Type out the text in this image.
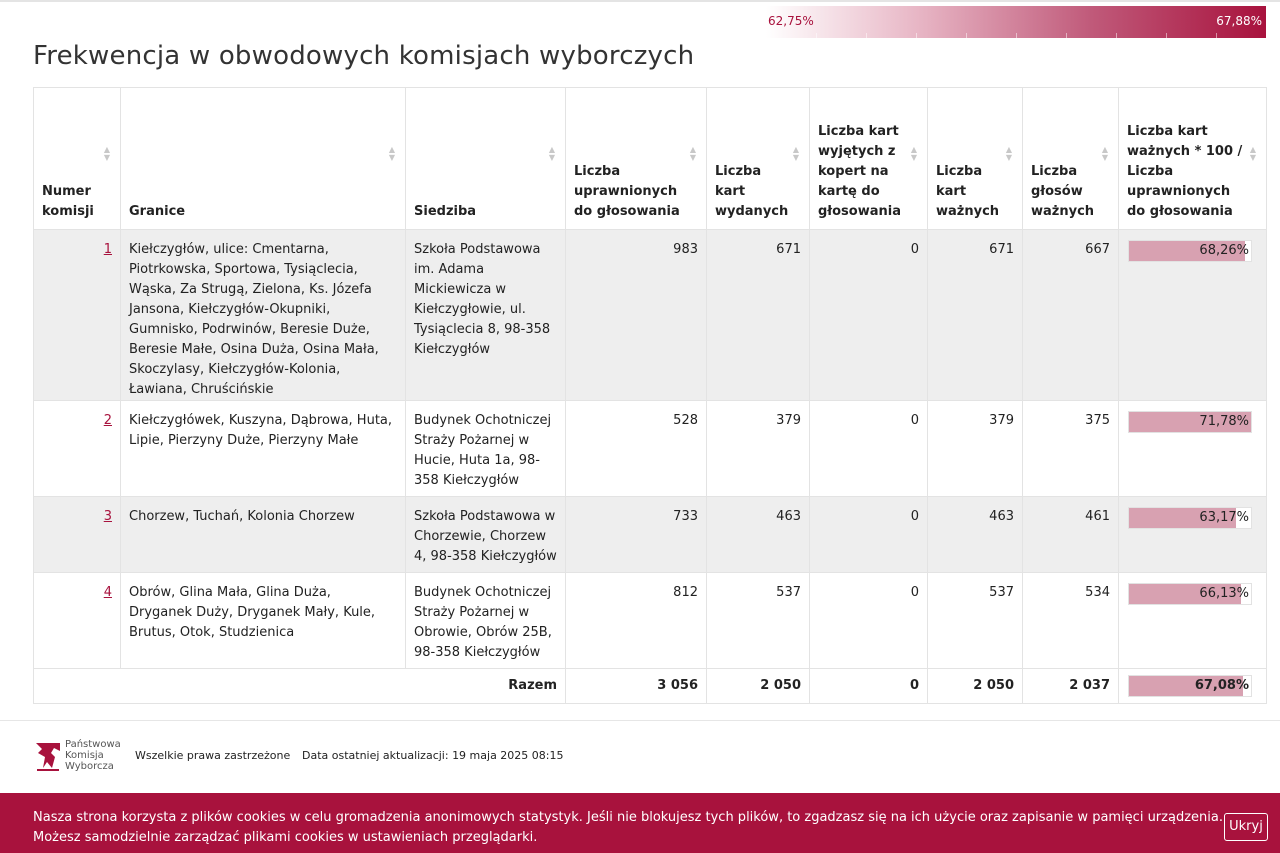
62,75%	67,88%
Frekwencja w obwodowych komisjach wyborczych
Numer komisji
▲
▼	Granice
▲
▼	Siedziba
▲
▼	Liczba uprawnionych do głosowania
▲
▼	Liczba kart wydanych
▲
▼	Liczba kart wyjętych z kopert na kartę do głosowania
▲
▼	Liczba kart ważnych
▲
▼	Liczba głosów ważnych
▲
▼	Liczba kart ważnych * 100 / Liczba uprawnionych do głosowania
▲
▼

1	Kiełczygłów, ulice: Cmentarna, Piotrkowska, Sportowa, Tysiąclecia, Wąska, Za Strugą, Zielona, Ks. Józefa Jansona, Kiełczygłów-Okupniki, Gumnisko, Podrwinów, Beresie Duże, Beresie Małe, Osina Duża, Osina Mała, Skoczylasy, Kiełczygłów-Kolonia, Ławiana, Chruścińskie	Szkoła Podstawowa im. Adama Mickiewicza w Kiełczygłowie, ul. Tysiąclecia 8, 98-358 Kiełczygłów	983	671	0	671	667	68,26%

2	Kiełczygłówek, Kuszyna, Dąbrowa, Huta, Lipie, Pierzyny Duże, Pierzyny Małe	Budynek Ochotniczej Straży Pożarnej w Hucie, Huta 1a, 98-358 Kiełczygłów	528	379	0	379	375	71,78%

3	Chorzew, Tuchań, Kolonia Chorzew	Szkoła Podstawowa w Chorzewie, Chorzew 4, 98-358 Kiełczygłów	733	463	0	463	461	63,17%

4	Obrów, Glina Mała, Glina Duża, Dryganek Duży, Dryganek Mały, Kule, Brutus, Otok, Studzienica	Budynek Ochotniczej Straży Pożarnej w Obrowie, Obrów 25B, 98-358 Kiełczygłów	812	537	0	537	534	66,13%

Razem			3 056	2 050	0	2 050	2 037	67,08%
Państwowa
Komisja
Wyborcza
Wszelkie prawa zastrzeżone Data ostatniej aktualizacji: 19 maja 2025 08:15
Nasza strona korzysta z plików cookies w celu gromadzenia anonimowych statystyk. Jeśli nie blokujesz tych plików, to zgadzasz się na ich użycie oraz zapisanie w pamięci urządzenia.
Możesz samodzielnie zarządzać plikami cookies w ustawieniach przeglądarki.
Ukryj
